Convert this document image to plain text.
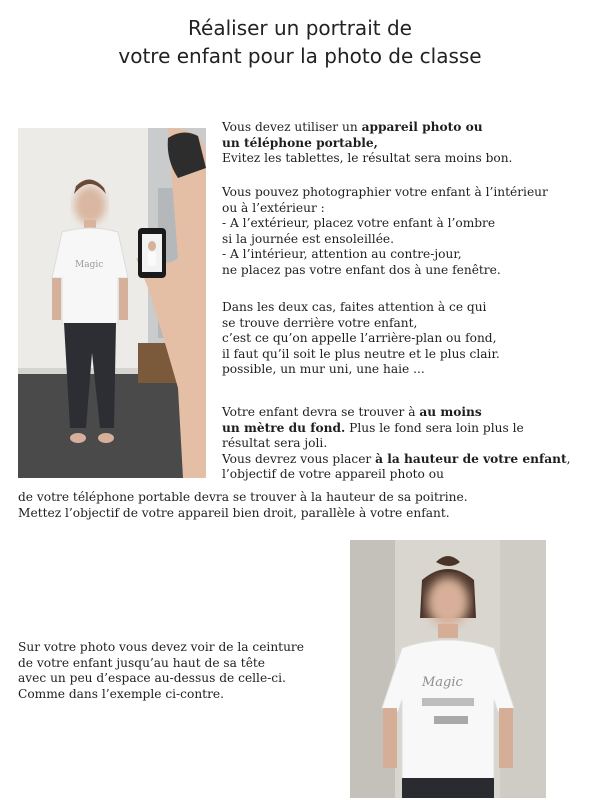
Réaliser un portrait de
votre enfant pour la photo de classe
Magic
Vous devez utiliser un appareil photo ou
un téléphone portable,
Evitez les tablettes, le résultat sera moins bon.
Vous pouvez photographier votre enfant à l’intérieur
ou à l’extérieur :
- A l’extérieur, placez votre enfant à l’ombre
si la journée est ensoleillée.
- A l’intérieur, attention au contre-jour,
ne placez pas votre enfant dos à une fenêtre.
Dans les deux cas, faites attention à ce qui
se trouve derrière votre enfant,
c’est ce qu’on appelle l’arrière-plan ou fond,
il faut qu’il soit le plus neutre et le plus clair.
possible, un mur uni, une haie ...
Votre enfant devra se trouver à au moins
un mètre du fond. Plus le fond sera loin plus le
résultat sera joli.
Vous devrez vous placer à la hauteur de votre enfant,
l’objectif de votre appareil photo ou
de votre téléphone portable devra se trouver à la hauteur de sa poitrine.
Mettez l’objectif de votre appareil bien droit, parallèle à votre enfant.
Sur votre photo vous devez voir de la ceinture
de votre enfant jusqu’au haut de sa tête
avec un peu d’espace au-dessus de celle-ci.
Comme dans l’exemple ci-contre.
Magic
